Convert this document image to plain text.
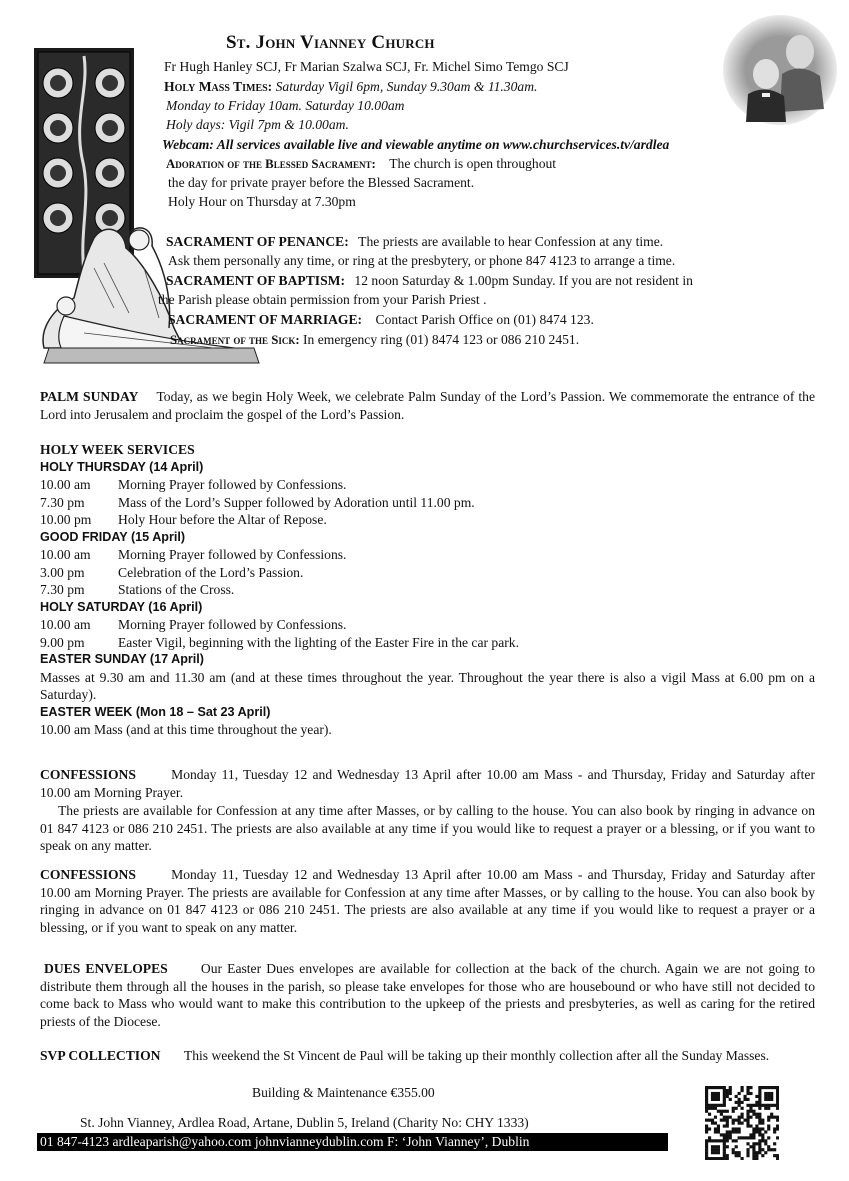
St. John Vianney Church
Fr Hugh Hanley SCJ, Fr Marian Szalwa SCJ, Fr. Michel Simo Temgo SCJ
Holy Mass Times: Saturday Vigil 6pm, Sunday 9.30am & 11.30am.
Monday to Friday 10am. Saturday 10.00am
Holy days: Vigil 7pm & 10.00am.
Webcam: All services available live and viewable anytime on www.churchservices.tv/ardlea
Adoration of the Blessed Sacrament: The church is open throughout
the day for private prayer before the Blessed Sacrament.
Holy Hour on Thursday at 7.30pm
SACRAMENT OF PENANCE: The priests are available to hear Confession at any time.
Ask them personally any time, or ring at the presbytery, or phone 847 4123 to arrange a time.
SACRAMENT OF BAPTISM: 12 noon Saturday & 1.00pm Sunday. If you are not resident in
the Parish please obtain permission from your Parish Priest .
SACRAMENT OF MARRIAGE: Contact Parish Office on (01) 8474 123.
Sacrament of the Sick: In emergency ring (01) 8474 123 or 086 210 2451.
PALM SUNDAY Today, as we begin Holy Week, we celebrate Palm Sunday of the Lord’s Passion. We commemorate the entrance of the Lord into Jerusalem and proclaim the gospel of the Lord’s Passion.
HOLY WEEK SERVICES
HOLY THURSDAY (14 April)
10.00 am	Morning Prayer followed by Confessions.
7.30 pm	Mass of the Lord’s Supper followed by Adoration until 11.00 pm.
10.00 pm	Holy Hour before the Altar of Repose.
GOOD FRIDAY (15 April)
10.00 am	Morning Prayer followed by Confessions.
3.00 pm	Celebration of the Lord’s Passion.
7.30 pm	Stations of the Cross.
HOLY SATURDAY (16 April)
10.00 am	Morning Prayer followed by Confessions.
9.00 pm	Easter Vigil, beginning with the lighting of the Easter Fire in the car park.
EASTER SUNDAY (17 April)
Masses at 9.30 am and 11.30 am (and at these times throughout the year. Throughout the year there is also a vigil Mass at 6.00 pm on a Saturday).
EASTER WEEK (Mon 18 – Sat 23 April)
10.00 am Mass (and at this time throughout the year).
CONFESSIONS	Monday 11, Tuesday 12 and Wednesday 13 April after 10.00 am Mass - and Thursday, Friday and Saturday after 10.00 am Morning Prayer.
The priests are available for Confession at any time after Masses, or by calling to the house. You can also book by ringing in advance on 01 847 4123 or 086 210 2451. The priests are also available at any time if you would like to request a prayer or a blessing, or if you want to speak on any matter.
CONFESSIONS	Monday 11, Tuesday 12 and Wednesday 13 April after 10.00 am Mass - and Thursday, Friday and Saturday after 10.00 am Morning Prayer. The priests are available for Confession at any time after Masses, or by calling to the house. You can also book by ringing in advance on 01 847 4123 or 086 210 2451. The priests are also available at any time if you would like to request a prayer or a blessing, or if you want to speak on any matter.
DUES ENVELOPES Our Easter Dues envelopes are available for collection at the back of the church. Again we are not going to distribute them through all the houses in the parish, so please take envelopes for those who are housebound or who have still not decided to come back to Mass who would want to make this contribution to the upkeep of the priests and presbyteries, as well as caring for the retired priests of the Diocese.
SVP COLLECTION This weekend the St Vincent de Paul will be taking up their monthly collection after all the Sunday Masses.
Building & Maintenance €355.00
St. John Vianney, Ardlea Road, Artane, Dublin 5, Ireland (Charity No: CHY 1333)
01 847-4123 ardleaparish@yahoo.com johnvianneydublin.com F: ‘John Vianney’, Dublin
